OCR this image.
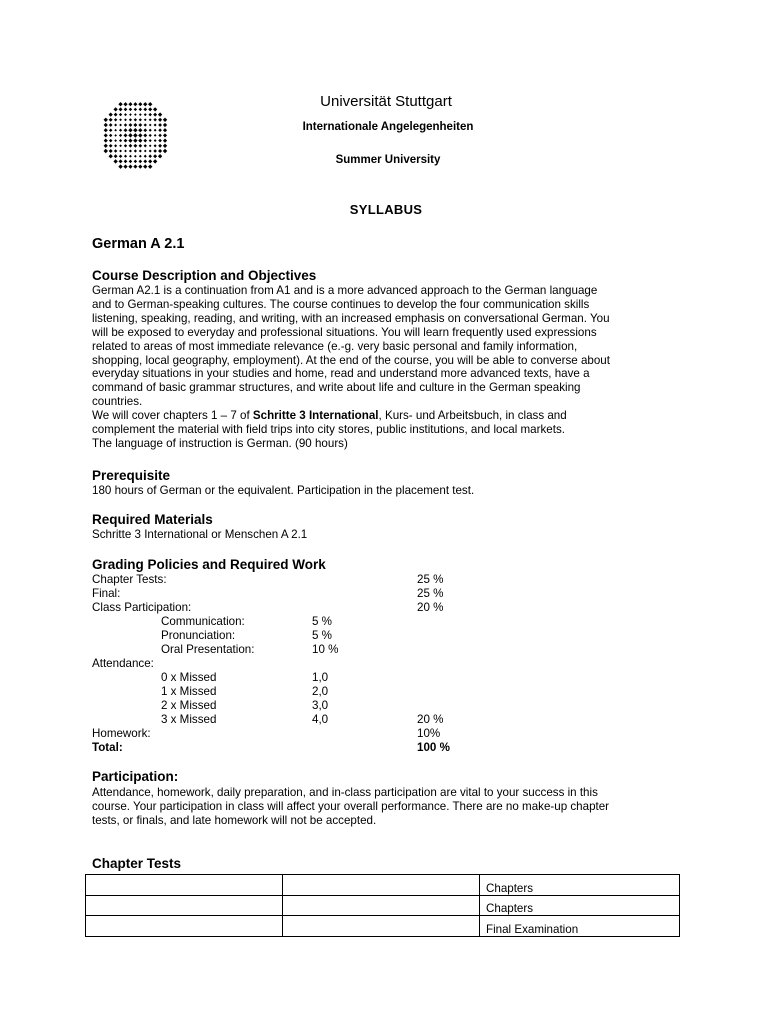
Universität Stuttgart
Internationale Angelegenheiten
Summer University
SYLLABUS
German A 2.1
Course Description and Objectives
German A2.1 is a continuation from A1 and is a more advanced approach to the German language
and to German-speaking cultures. The course continues to develop the four communication skills
listening, speaking, reading, and writing, with an increased emphasis on conversational German. You
will be exposed to everyday and professional situations. You will learn frequently used expressions
related to areas of most immediate relevance (e.-g. very basic personal and family information,
shopping, local geography, employment). At the end of the course, you will be able to converse about
everyday situations in your studies and home, read and understand more advanced texts, have a
command of basic grammar structures, and write about life and culture in the German speaking
countries.
We will cover chapters 1 – 7 of Schritte 3 International, Kurs- und Arbeitsbuch, in class and
complement the material with field trips into city stores, public institutions, and local markets.
The language of instruction is German. (90 hours)
Prerequisite
180 hours of German or the equivalent. Participation in the placement test.
Required Materials
Schritte 3 International or Menschen A 2.1
Grading Policies and Required Work
Chapter Tests:	25 %
Final:	25 %
Class Participation:	20 %
Communication:	5 %
Pronunciation:	5 %
Oral Presentation:	10 %
Attendance:
0 x Missed	1,0
1 x Missed	2,0
2 x Missed	3,0
3 x Missed	4,0	20 %
Homework:	10%
Total:	100 %
Participation:
Attendance, homework, daily preparation, and in-class participation are vital to your success in this
course. Your participation in class will affect your overall performance. There are no make-up chapter
tests, or finals, and late homework will not be accepted.
Chapter Tests
		Chapters
		Chapters
		Final Examination
